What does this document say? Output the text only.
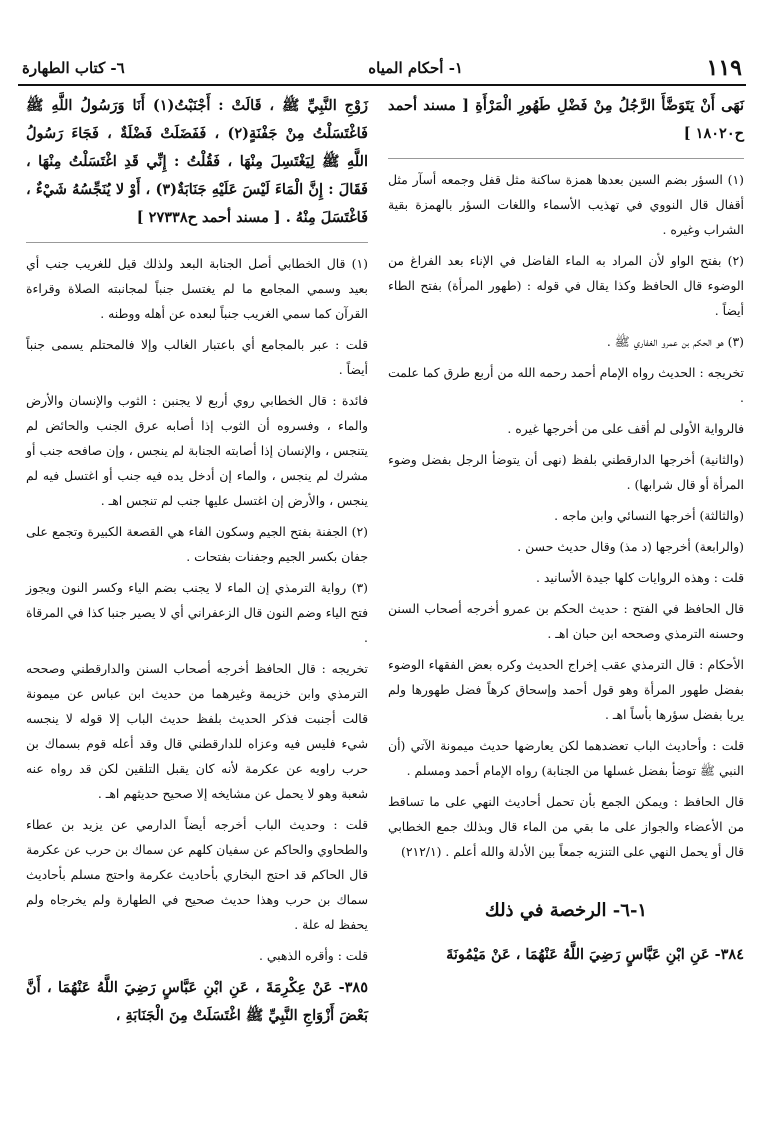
٦- كتاب الطهارة	١- أحكام المياه	١١٩

نَهَى أَنْ يَتَوَضَّأَ الرَّجُلُ مِنْ فَضْلِ طَهُورِ الْمَرْأَةِ [ مسند أحمد ح١٨٠٢٠ ]

(١) السؤر بضم السين بعدها همزة ساكنة مثل قفل وجمعه أسآر مثل أقفال قال النووي في تهذيب الأسماء واللغات السؤر بالهمزة بقية الشراب وغيره .

(٢) بفتح الواو لأن المراد به الماء الفاضل في الإناء بعد الفراغ من الوضوء قال الحافظ وكذا يقال في قوله : (طهور المرأة) بفتح الطاء أيضاً .

(٣) هو الحكم بن عمرو الغفاري ﷺ .

تخريجه : الحديث رواه الإمام أحمد رحمه الله من أربع طرق كما علمت .

فالرواية الأولى لم أقف على من أخرجها غيره .

(والثانية) أخرجها الدارقطني بلفظ (نهى أن يتوضأ الرجل بفضل وضوء المرأة أو قال شرابها) .

(والثالثة) أخرجها النسائي وابن ماجه .

(والرابعة) أخرجها (د مذ) وقال حديث حسن .

قلت : وهذه الروايات كلها جيدة الأسانيد .

قال الحافظ في الفتح : حديث الحكم بن عمرو أخرجه أصحاب السنن وحسنه الترمذي وصححه ابن حبان اهـ .

الأحكام : قال الترمذي عقب إخراج الحديث وكره بعض الفقهاء الوضوء بفضل طهور المرأة وهو قول أحمد وإسحاق كرهاً فضل طهورها ولم يريا بفضل سؤرها بأساً اهـ .

قلت : وأحاديث الباب تعضدهما لكن يعارضها حديث ميمونة الآتي (أن النبي ﷺ توضأ بفضل غسلها من الجنابة) رواه الإمام أحمد ومسلم .

قال الحافظ : ويمكن الجمع بأن تحمل أحاديث النهي على ما تساقط من الأعضاء والجواز على ما بقي من الماء قال وبذلك جمع الخطابي قال أو يحمل النهي على التنزيه جمعاً بين الأدلة والله أعلم . (٢١٢/١)

١-٦- الرخصة في ذلك

٣٨٤- عَنِ ابْنِ عَبَّاسٍ رَضِيَ اللَّهُ عَنْهُمَا ، عَنْ مَيْمُونَةَ

زَوْجِ النَّبِيِّ ﷺ ، قَالَتْ : أَجْنَبْتُ(١) أَنَا وَرَسُولُ اللَّهِ ﷺ فَاغْتَسَلْتُ مِنْ جَفْنَةٍ(٢) ، فَفَضَلَتْ فَضْلَةٌ ، فَجَاءَ رَسُولُ اللَّهِ ﷺ لِيَغْتَسِلَ مِنْهَا ، فَقُلْتُ : إِنِّي قَدِ اغْتَسَلْتُ مِنْهَا ، فَقَالَ : إِنَّ الْمَاءَ لَيْسَ عَلَيْهِ جَنَابَةٌ(٣) ، أَوْ لا يُنَجِّسُهُ شَيْءٌ ، فَاغْتَسَلَ مِنْهُ . [ مسند أحمد ح٢٧٣٣٨ ]

(١) قال الخطابي أصل الجنابة البعد ولذلك قيل للغريب جنب أي بعيد وسمي المجامع ما لم يغتسل جنباً لمجانبته الصلاة وقراءة القرآن كما سمي الغريب جنباً لبعده عن أهله ووطنه .

قلت : عبر بالمجامع أي باعتبار الغالب وإلا فالمحتلم يسمى جنباً أيضاً .

فائدة : قال الخطابي روي أربع لا يجنبن : الثوب والإنسان والأرض والماء ، وفسروه أن الثوب إذا أصابه عرق الجنب والحائض لم يتنجس ، والإنسان إذا أصابته الجنابة لم ينجس ، وإن صافحه جنب أو مشرك لم ينجس ، والماء إن أدخل يده فيه جنب أو اغتسل فيه لم ينجس ، والأرض إن اغتسل عليها جنب لم تنجس اهـ .

(٢) الجفنة بفتح الجيم وسكون الفاء هي القصعة الكبيرة وتجمع على جفان بكسر الجيم وجفنات بفتحات .

(٣) رواية الترمذي إن الماء لا يجنب بضم الياء وكسر النون ويجوز فتح الياء وضم النون قال الزعفراني أي لا يصير جنبا كذا في المرقاة .

تخريجه : قال الحافظ أخرجه أصحاب السنن والدارقطني وصححه الترمذي وابن خزيمة وغيرهما من حديث ابن عباس عن ميمونة قالت أجنبت فذكر الحديث بلفظ حديث الباب إلا قوله لا ينجسه شيء فليس فيه وعزاه للدارقطني قال وقد أعله قوم بسماك بن حرب راويه عن عكرمة لأنه كان يقبل التلقين لكن قد رواه عنه شعبة وهو لا يحمل عن مشايخه إلا صحيح حديثهم اهـ .

قلت : وحديث الباب أخرجه أيضاً الدارمي عن يزيد بن عطاء والطحاوي والحاكم عن سفيان كلهم عن سماك بن حرب عن عكرمة قال الحاكم قد احتج البخاري بأحاديث عكرمة واحتج مسلم بأحاديث سماك بن حرب وهذا حديث صحيح في الطهارة ولم يخرجاه ولم يحفظ له علة .

قلت : وأقره الذهبي .

٣٨٥- عَنْ عِكْرِمَةَ ، عَنِ ابْنِ عَبَّاسٍ رَضِيَ اللَّهُ عَنْهُمَا ، أَنَّ بَعْضَ أَزْوَاجِ النَّبِيِّ ﷺ اغْتَسَلَتْ مِنَ الْجَنَابَةِ ،
